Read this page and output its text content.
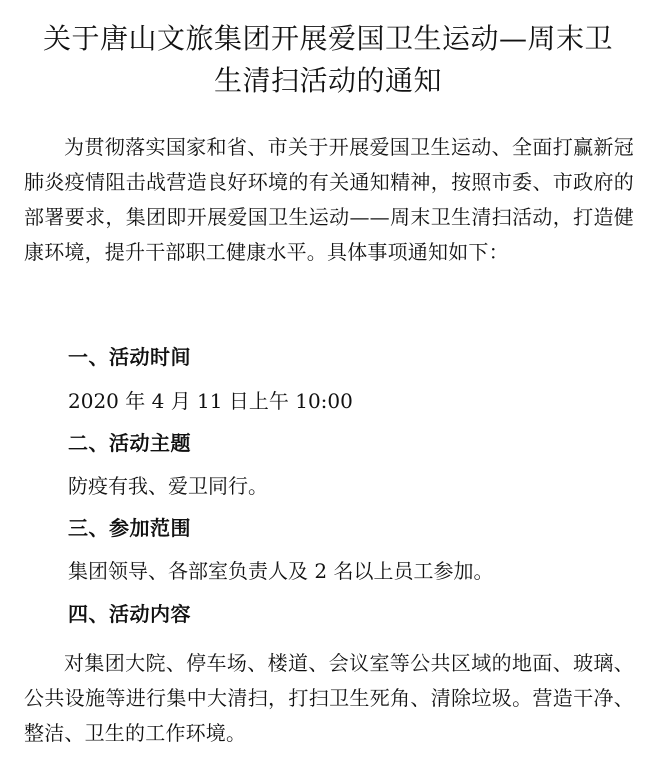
关于唐山文旅集团开展爱国卫生运动—周末卫
生清扫活动的通知
为贯彻落实国家和省、市关于开展爱国卫生运动、全面打赢新冠肺炎疫情阻击战营造良好环境的有关通知精神，按照市委、市政府的部署要求，集团即开展爱国卫生运动——周末卫生清扫活动，打造健康环境，提升干部职工健康水平。具体事项通知如下：
一、活动时间
2020 年 4 月 11 日上午 10:00
二、活动主题
防疫有我、爱卫同行。
三、参加范围
集团领导、各部室负责人及 2 名以上员工参加。
四、活动内容
对集团大院、停车场、楼道、会议室等公共区域的地面、玻璃、公共设施等进行集中大清扫，打扫卫生死角、清除垃圾。营造干净、整洁、卫生的工作环境。
